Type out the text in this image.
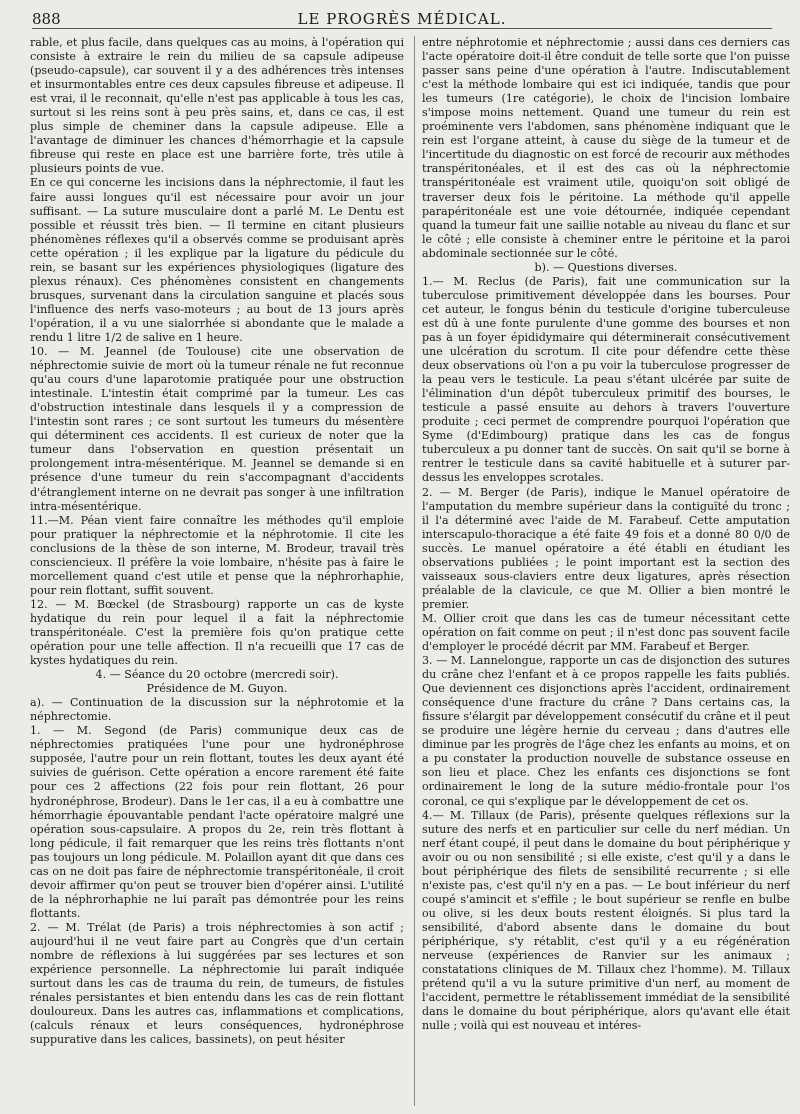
888	LE PROGRÈS MÉDICAL.

rable, et plus facile, dans quelques cas au moins, à l'opération qui consiste à extraire le rein du milieu de sa capsule adipeuse (pseudo-capsule), car souvent il y a des adhérences très intenses et insurmontables entre ces deux capsules fibreuse et adipeuse. Il est vrai, il le reconnait, qu'elle n'est pas applicable à tous les cas, surtout si les reins sont à peu près sains, et, dans ce cas, il est plus simple de cheminer dans la capsule adipeuse. Elle a l'avantage de diminuer les chances d'hémorrhagie et la capsule fibreuse qui reste en place est une barrière forte, très utile à plusieurs points de vue.

En ce qui concerne les incisions dans la néphrectomie, il faut les faire aussi longues qu'il est nécessaire pour avoir un jour suffisant. — La suture musculaire dont a parlé M. Le Dentu est possible et réussit très bien. — Il termine en citant plusieurs phénomènes réflexes qu'il a observés comme se produisant après cette opération ; il les explique par la ligature du pédicule du rein, se basant sur les expériences physiologiques (ligature des plexus rénaux). Ces phénomènes consistent en changements brusques, survenant dans la circulation sanguine et placés sous l'influence des nerfs vaso-moteurs ; au bout de 13 jours après l'opération, il a vu une sialorrhée si abondante que le malade a rendu 1 litre 1/2 de salive en 1 heure.

10. — M. Jeannel (de Toulouse) cite une observation de néphrectomie suivie de mort où la tumeur rénale ne fut reconnue qu'au cours d'une laparotomie pratiquée pour une obstruction intestinale. L'intestin était comprimé par la tumeur. Les cas d'obstruction intestinale dans lesquels il y a compression de l'intestin sont rares ; ce sont surtout les tumeurs du mésentère qui déterminent ces accidents. Il est curieux de noter que la tumeur dans l'observation en question présentait un prolongement intra-mésentérique. M. Jeannel se demande si en présence d'une tumeur du rein s'accompagnant d'accidents d'étranglement interne on ne devrait pas songer à une infiltration intra-mésentérique.

11.—M. Péan vient faire connaître les méthodes qu'il emploie pour pratiquer la néphrectomie et la néphrotomie. Il cite les conclusions de la thèse de son interne, M. Brodeur, travail très consciencieux. Il préfère la voie lombaire, n'hésite pas à faire le morcellement quand c'est utile et pense que la néphrorhaphie, pour rein flottant, suffit souvent.

12. — M. Bœckel (de Strasbourg) rapporte un cas de kyste hydatique du rein pour lequel il a fait la néphrectomie transpéritonéale. C'est la première fois qu'on pratique cette opération pour une telle affection. Il n'a recueilli que 17 cas de kystes hydatiques du rein.

4. — Séance du 20 octobre (mercredi soir).

Présidence de M. Guyon.

a). — Continuation de la discussion sur la néphrotomie et la néphrectomie.

1. — M. Segond (de Paris) communique deux cas de néphrectomies pratiquées l'une pour une hydronéphrose supposée, l'autre pour un rein flottant, toutes les deux ayant été suivies de guérison. Cette opération a encore rarement été faite pour ces 2 affections (22 fois pour rein flottant, 26 pour hydronéphrose, Brodeur). Dans le 1er cas, il a eu à combattre une hémorrhagie épouvantable pendant l'acte opératoire malgré une opération sous-capsulaire. A propos du 2e, rein très flottant à long pédicule, il fait remarquer que les reins très flottants n'ont pas toujours un long pédicule. M. Polaillon ayant dit que dans ces cas on ne doit pas faire de néphrectomie transpéritonéale, il croit devoir affirmer qu'on peut se trouver bien d'opérer ainsi. L'utilité de la néphrorhaphie ne lui paraît pas démontrée pour les reins flottants.

2. — M. Trélat (de Paris) a trois néphrectomies à son actif ; aujourd'hui il ne veut faire part au Congrès que d'un certain nombre de réflexions à lui suggérées par ses lectures et son expérience personnelle. La néphrectomie lui paraît indiquée surtout dans les cas de trauma du rein, de tumeurs, de fistules rénales persistantes et bien entendu dans les cas de rein flottant douloureux. Dans les autres cas, inflammations et complications, (calculs rénaux et leurs conséquences, hydronéphrose suppurative dans les calices, bassinets), on peut hésiter

entre néphrotomie et néphrectomie ; aussi dans ces derniers cas l'acte opératoire doit-il être conduit de telle sorte que l'on puisse passer sans peine d'une opération à l'autre. Indiscutablement c'est la méthode lombaire qui est ici indiquée, tandis que pour les tumeurs (1re catégorie), le choix de l'incision lombaire s'impose moins nettement. Quand une tumeur du rein est proéminente vers l'abdomen, sans phénomène indiquant que le rein est l'organe atteint, à cause du siège de la tumeur et de l'incertitude du diagnostic on est forcé de recourir aux méthodes transpéritonéales, et il est des cas où la néphrectomie transpéritonéale est vraiment utile, quoiqu'on soit obligé de traverser deux fois le péritoine. La méthode qu'il appelle parapéritonéale est une voie détournée, indiquée cependant quand la tumeur fait une saillie notable au niveau du flanc et sur le côté ; elle consiste à cheminer entre le péritoine et la paroi abdominale sectionnée sur le côté.

b). — Questions diverses.

1.— M. Reclus (de Paris), fait une communication sur la tuberculose primitivement développée dans les bourses. Pour cet auteur, le fongus bénin du testicule d'origine tuberculeuse est dû à une fonte purulente d'une gomme des bourses et non pas à un foyer épididymaire qui déterminerait consécutivement une ulcération du scrotum. Il cite pour défendre cette thèse deux observations où l'on a pu voir la tuberculose progresser de la peau vers le testicule. La peau s'étant ulcérée par suite de l'élimination d'un dépôt tuberculeux primitif des bourses, le testicule a passé ensuite au dehors à travers l'ouverture produite ; ceci permet de comprendre pourquoi l'opération que Syme (d'Edimbourg) pratique dans les cas de fongus tuberculeux a pu donner tant de succès. On sait qu'il se borne à rentrer le testicule dans sa cavité habituelle et à suturer par-dessus les enveloppes scrotales.

2. — M. Berger (de Paris), indique le Manuel opératoire de l'amputation du membre supérieur dans la contiguïté du tronc ; il l'a déterminé avec l'aide de M. Farabeuf. Cette amputation interscapulo-thoracique a été faite 49 fois et a donné 80 0/0 de succès. Le manuel opératoire a été établi en étudiant les observations publiées ; le point important est la section des vaisseaux sous-claviers entre deux ligatures, après résection préalable de la clavicule, ce que M. Ollier a bien montré le premier.

M. Ollier croit que dans les cas de tumeur nécessitant cette opération on fait comme on peut ; il n'est donc pas souvent facile d'employer le procédé décrit par MM. Farabeuf et Berger.

3. — M. Lannelongue, rapporte un cas de disjonction des sutures du crâne chez l'enfant et à ce propos rappelle les faits publiés. Que deviennent ces disjonctions après l'accident, ordinairement conséquence d'une fracture du crâne ? Dans certains cas, la fissure s'élargit par développement consécutif du crâne et il peut se produire une légère hernie du cerveau ; dans d'autres elle diminue par les progrès de l'âge chez les enfants au moins, et on a pu constater la production nouvelle de substance osseuse en son lieu et place. Chez les enfants ces disjonctions se font ordinairement le long de la suture médio-frontale pour l'os coronal, ce qui s'explique par le développement de cet os.

4.— M. Tillaux (de Paris), présente quelques réflexions sur la suture des nerfs et en particulier sur celle du nerf médian. Un nerf étant coupé, il peut dans le domaine du bout périphérique y avoir ou ou non sensibilité ; si elle existe, c'est qu'il y a dans le bout périphérique des filets de sensibilité recurrente ; si elle n'existe pas, c'est qu'il n'y en a pas. — Le bout inférieur du nerf coupé s'amincit et s'effile ; le bout supérieur se renfle en bulbe ou olive, si les deux bouts restent éloignés. Si plus tard la sensibilité, d'abord absente dans le domaine du bout périphérique, s'y rétablit, c'est qu'il y a eu régénération nerveuse (expériences de Ranvier sur les animaux ; constatations cliniques de M. Tillaux chez l'homme). M. Tillaux prétend qu'il a vu la suture primitive d'un nerf, au moment de l'accident, permettre le rétablissement immédiat de la sensibilité dans le domaine du bout périphérique, alors qu'avant elle était nulle ; voilà qui est nouveau et intéres-
